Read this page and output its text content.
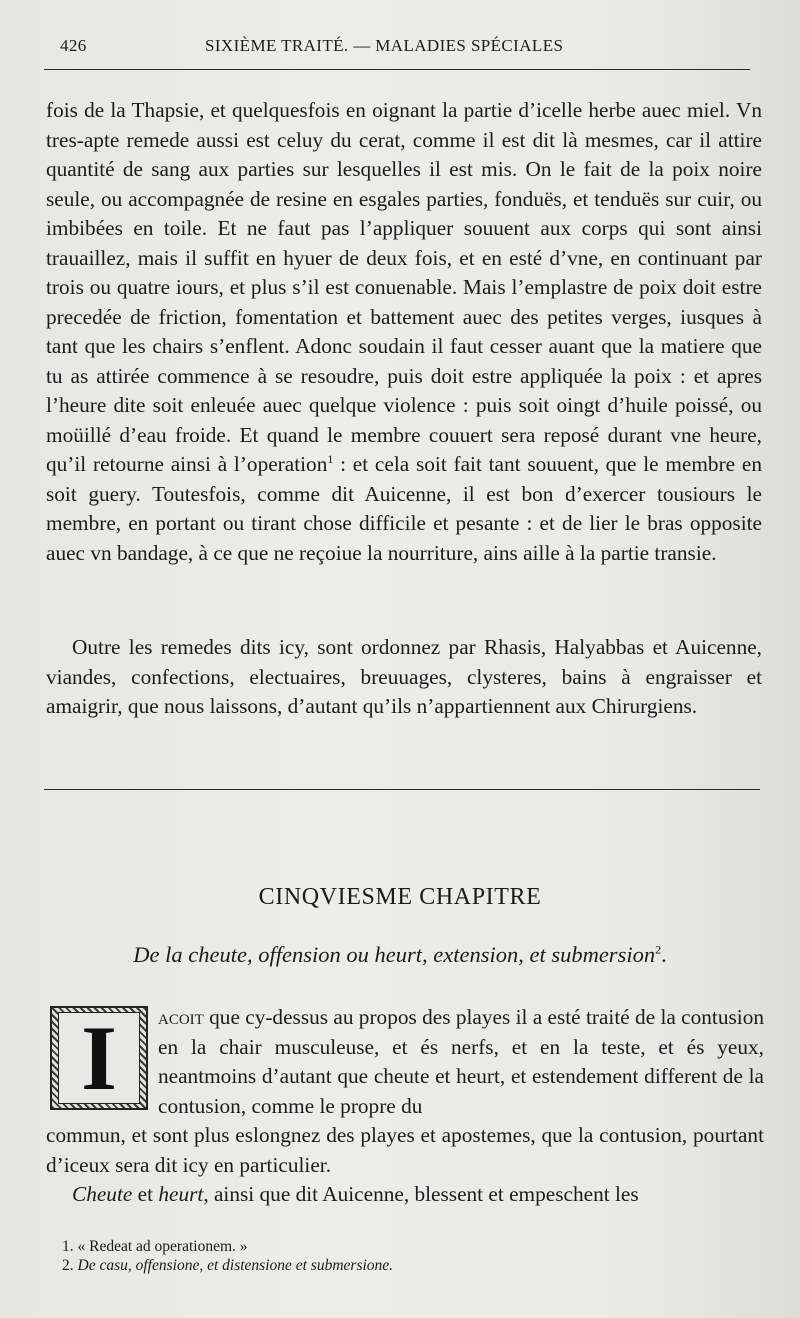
426	SIXIÈME TRAITÉ. — MALADIES SPÉCIALES

fois de la Thapsie, et quelquesfois en oignant la partie d’icelle herbe auec miel. Vn tres-apte remede aussi est celuy du cerat, comme il est dit là mesmes, car il attire quantité de sang aux parties sur lesquelles il est mis. On le fait de la poix noire seule, ou accompagnée de resine en esgales parties, fonduës, et tenduës sur cuir, ou imbibées en toile. Et ne faut pas l’appliquer souuent aux corps qui sont ainsi trauaillez, mais il suffit en hyuer de deux fois, et en esté d’vne, en continuant par trois ou quatre iours, et plus s’il est conuenable. Mais l’emplastre de poix doit estre precedée de friction, fomentation et battement auec des petites verges, iusques à tant que les chairs s’enflent. Adonc soudain il faut cesser auant que la matiere que tu as attirée commence à se resoudre, puis doit estre appliquée la poix : et apres l’heure dite soit enleuée auec quelque violence : puis soit oingt d’huile poissé, ou moüillé d’eau froide. Et quand le membre couuert sera reposé durant vne heure, qu’il retourne ainsi à l’operation$^1$ : et cela soit fait tant souuent, que le membre en soit guery. Toutesfois, comme dit Auicenne, il est bon d’exercer tousiours le membre, en portant ou tirant chose difficile et pesante : et de lier le bras opposite auec vn bandage, à ce que ne reçoiue la nourriture, ains aille à la partie transie.

Outre les remedes dits icy, sont ordonnez par Rhasis, Halyabbas et Auicenne, viandes, confections, electuaires, breuuages, clysteres, bains à engraisser et amaigrir, que nous laissons, d’autant qu’ils n’appartiennent aux Chirurgiens.

CINQVIESME CHAPITRE
De la cheute, offension ou heurt, extension, et submersion$^2$.
I	acoit que cy-dessus au propos des playes il a esté traité de la contusion en la chair musculeuse, et és nerfs, et en la teste, et és yeux, neantmoins d’autant que cheute et heurt, et estendement different de la contusion, comme le propre du

commun, et sont plus eslongnez des playes et apostemes, que la contusion, pourtant d’iceux sera dit icy en particulier.

Cheute et heurt, ainsi que dit Auicenne, blessent et empeschent les

1. « Redeat ad operationem. »
2. De casu, offensione, et distensione et submersione.
